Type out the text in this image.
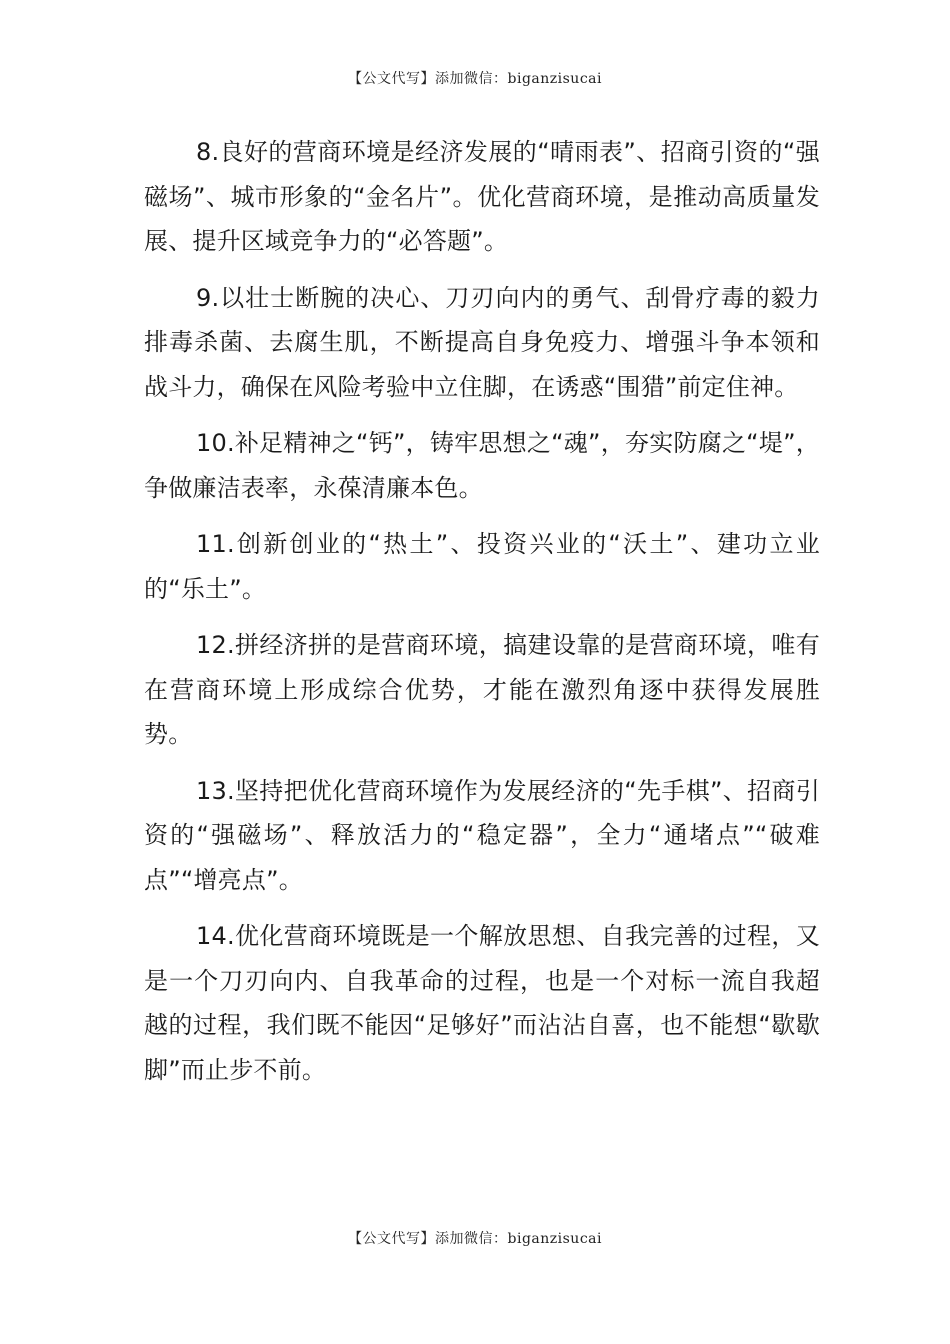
【公文代写】添加微信：biganzisucai

8.良好的营商环境是经济发展的“晴雨表”、招商引资的“强磁场”、城市形象的“金名片”。优化营商环境，是推动高质量发展、提升区域竞争力的“必答题”。

9.以壮士断腕的决心、刀刃向内的勇气、刮骨疗毒的毅力排毒杀菌、去腐生肌，不断提高自身免疫力、增强斗争本领和战斗力，确保在风险考验中立住脚，在诱惑“围猎”前定住神。

10.补足精神之“钙”，铸牢思想之“魂”，夯实防腐之“堤”，争做廉洁表率，永葆清廉本色。

11.创新创业的“热土”、投资兴业的“沃土”、建功立业的“乐土”。

12.拼经济拼的是营商环境，搞建设靠的是营商环境，唯有在营商环境上形成综合优势，才能在激烈角逐中获得发展胜势。

13.坚持把优化营商环境作为发展经济的“先手棋”、招商引资的“强磁场”、释放活力的“稳定器”，全力“通堵点”“破难点”“增亮点”。

14.优化营商环境既是一个解放思想、自我完善的过程，又是一个刀刃向内、自我革命的过程，也是一个对标一流自我超越的过程，我们既不能因“足够好”而沾沾自喜，也不能想“歇歇脚”而止步不前。

【公文代写】添加微信：biganzisucai
